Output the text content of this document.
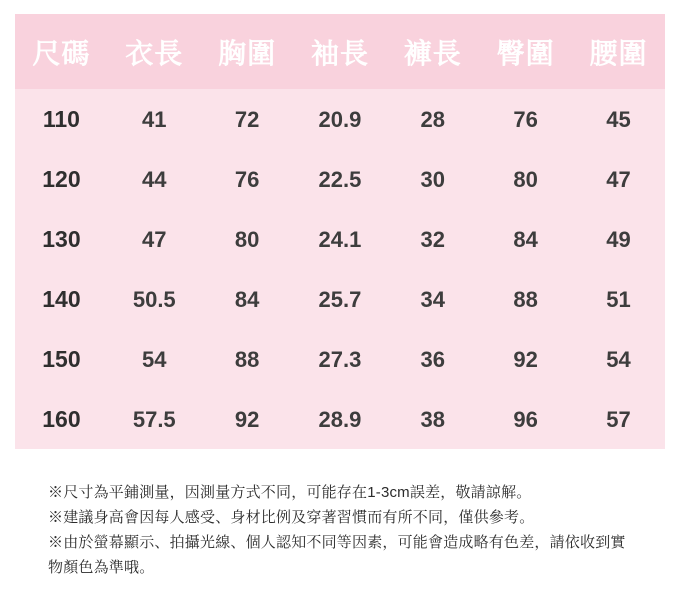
尺碼	衣長	胸圍	袖長	褲長	臀圍	腰圍
110	41	72	20.9	28	76	45
120	44	76	22.5	30	80	47
130	47	80	24.1	32	84	49
140	50.5	84	25.7	34	88	51
150	54	88	27.3	36	92	54
160	57.5	92	28.9	38	96	57
※尺寸為平鋪測量，因測量方式不同，可能存在1-3cm誤差，敬請諒解。
※建議身高會因每人感受、身材比例及穿著習慣而有所不同，僅供參考。
※由於螢幕顯示、拍攝光線、個人認知不同等因素，可能會造成略有色差，請依收到實物顏色為準哦。
